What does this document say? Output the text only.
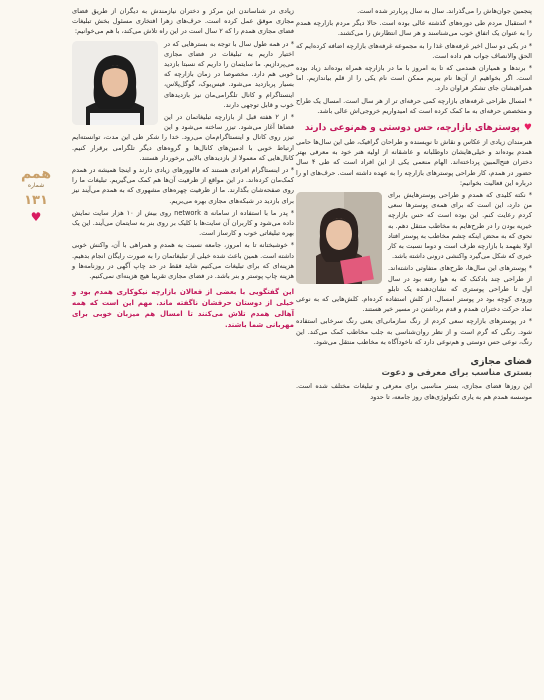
همم
شماره
۱۳۱
♥

پنجمین جوان‌هاش را می‌گذراند. سال به سال پربارتر شده است.

* استقبال مردم طی دوره‌های گذشته عالی بوده است. حالا دیگر مردم بازارچه همدم را به عنوان یک اتفاق خوب می‌شناسند و هر سال انتظارش را می‌کشند.

* در یکی دو سال اخیر غرفه‌های غذا را به مجموعه غرفه‌های بازارچه اضافه کرده‌ایم که الحق والانصاف جواب هم داده است.

* برندها و همیاران همدمی که تا به امروز با ما در بازارچه همراه بوده‌اند زیاد بوده است. اگر بخواهیم از آن‌ها نام ببریم ممکن است نام یکی را از قلم بیاندازیم. اما همراهیشان جای تشکر فراوان دارد.

* امسال طراحی غرفه‌های بازارچه کمی حرفه‌ای تر از هر سال است. امسال یک طراح و متخصص حرفه‌ای به ما کمک کرده است که امیدواریم خروجی‌اش عالی باشد.

♥
پوسترهای بازارچه، حس دوستی و هم‌نوعی دارند

هنرمندان زیادی از عکاس و نقاش تا نویسنده و طراحان گرافیک، طی این سال‌ها حامی همدم بوده‌اند و خیلی‌هایشان داوطلبانه و عاشقانه از اولیه هنر خود به معرفی بهتر دختران فتح‌المبین پرداخته‌اند. الهام منعمی یکی از این افراد است که طی ۴ سال حضور در همدم، کار طراحی پوسترهای بازارچه را به عهده داشته است. حرف‌های او را درباره این فعالیت بخوانیم:

* نکته کلیدی که همدم و طراحی پوسترهایش برای من دارد، این است که برای همه‌ی پوسترها سعی کردم رعایت کنم. این بوده است که حس بازارچه خیریه بودن را در طرح‌هایم به مخاطب منتقل دهم. به نحوی که به محض اینکه چشم مخاطب به پوستر افتاد اولا بفهمد با بازارچه طرف است و دوما نسبت به کار خیری که شکل می‌گیرد واکنشی درونی داشته باشد.

* پوسترهای این سال‌ها، طرح‌های متفاوتی داشته‌اند. از طراحی چند بادکنک که به هوا رفته بود در سال اول تا طراحی پوستری که نشان‌دهنده یک تابلو ورودی کوچه بود در پوستر امسال. از کلش استفاده کرده‌ام. کلش‌هایی که به نوعی نماد حرکت دختران همدم و قدم برداشتن در مسیر خیر هستند.

* در پوسترهای بازارچه سعی کردم از رنگ سازمانی‌ای یعنی رنگ سرخابی استفاده شود. رنگی که گرم است و از نظر روان‌شناسی به جلب مخاطب کمک می‌کند. این رنگ، نوعی حس دوستی و هم‌نوعی دارد که ناخودآگاه به مخاطب منتقل می‌شود.

فضای مجازی
بستری مناسب برای معرفی و دعوت

این روزها فضای مجازی، بستر مناسبی برای معرفی و تبلیغات مختلف شده است. موسسه همدم هم به یاری تکنولوژی‌های روز جامعه، تا حدود

زیادی در شناساندن این مرکز و دختران نیازمندش به دیگران از طریق فضای مجازی موفق عمل کرده است. حرف‌های زهرا افتخاری مسئول بخش تبلیغات فضای مجازی همدم را که ۲ سال است در این راه تلاش می‌کند، با هم می‌خوانیم:

* در همه طول سال با توجه به بسترهایی که در اختیار داریم به تبلیغات در فضای مجازی می‌پردازیم. ما سایتمان را داریم که نسبتا بازدید خوبی هم دارد. مخصوصا در زمان بازارچه که بسیار پربازدید می‌شود. فیس‌بوک، گوگل‌پلاس، اینستاگرام و کانال تلگرامی‌مان نیز بازدیدهای خوب و قابل توجهی دارند.

* از ۲ هفته قبل از بازارچه تبلیغاتمان در این فضاها آغاز می‌شود. تیزر ساخته می‌شود و این تیزر روی کانال و اینستاگرام‌مان می‌رود. خدا را شکر طی این مدت، توانسته‌ایم ارتباط خوبی با ادمین‌های کانال‌ها و گروه‌های دیگر تلگرامی برقرار کنیم. کانال‌هایی که معمولا از بازدیدهای بالایی برخوردار هستند.

* در اینستاگرام افرادی هستند که فالوورهای زیادی دارند و اینجا همیشه در همدم کمک‌مان کرده‌اند. در این مواقع از ظرفیت آن‌ها هم کمک می‌گیریم. تبلیغات ما را روی صفحه‌شان بگذارند. ما از ظرفیت چهره‌های مشهوری که به همدم می‌آیند نیز برای بازدید در شبکه‌های مجازی بهره می‌بریم.

* پدر ما با استفاده از سامانه network a روی بیش از ۱۰ هزار سایت نمایش داده می‌شود و کاربران آن سایت‌ها با کلیک بر روی بنر به سایتمان می‌آیند. این یک بهره تبلیغاتی خوب و کارساز است.

* خوشبختانه تا به امروز، جامعه نسبت به همدم و همراهی با آن، واکنش خوبی داشته است. همین باعث شده خیلی از تبلیغاتمان را به صورت رایگان انجام بدهیم. هزینه‌ای که برای تبلیغات می‌کنیم شاید فقط در حد چاپ آگهی در روزنامه‌ها و هزینه چاپ پوستر و بنر باشد. در فضای مجازی تقریبا هیچ هزینه‌ای نمی‌کنیم.

این گفتگویی با بعضی از فعالان بازارچه نیکوکاری همدم بود و خیلی از دوستان حرفشان ناگفته ماند. مهم این است که همه آهالی همدم تلاش می‌کنند تا امسال هم میزبان خوبی برای مهربانی شما باشند.
